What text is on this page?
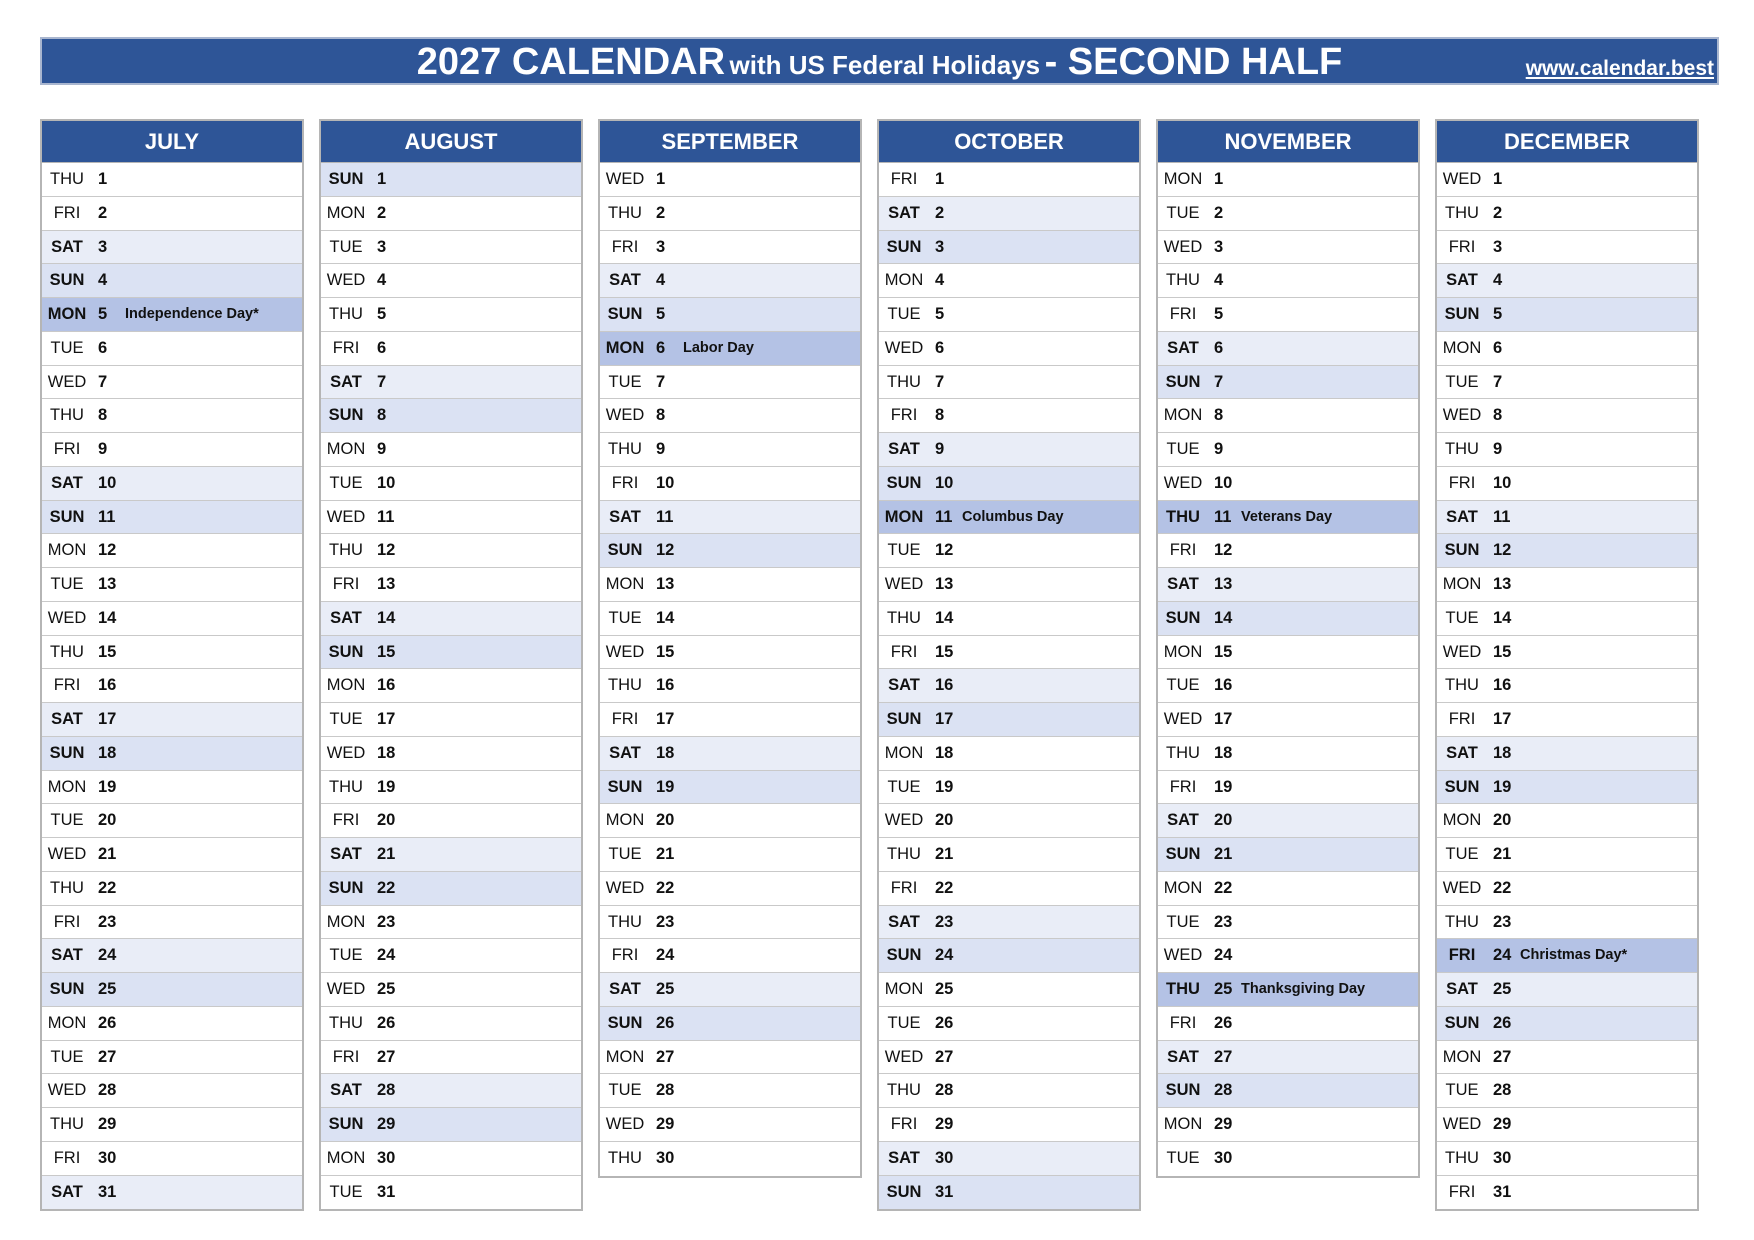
2027 CALENDAR with US Federal Holidays - SECOND HALF	www.calendar.best
JULY
THU 1
FRI	2
SAT 3
SUN 4
MON 5 Independence Day*
TUE 6
WED 7
THU 8
FRI	9
SAT 10
SUN 11
MON 12
TUE 13
WED 14
THU 15
FRI	16
SAT 17
SUN 18
MON 19
TUE 20
WED 21
THU 22
FRI	23
SAT 24
SUN 25
MON 26
TUE 27
WED 28
THU 29
FRI	30
SAT 31
AUGUST
SUN 1
MON 2
TUE 3
WED 4
THU 5
FRI	6
SAT 7
SUN 8
MON 9
TUE 10
WED 11
THU 12
FRI	13
SAT 14
SUN 15
MON 16
TUE 17
WED 18
THU 19
FRI	20
SAT 21
SUN 22
MON 23
TUE 24
WED 25
THU 26
FRI	27
SAT 28
SUN 29
MON 30
TUE 31
SEPTEMBER
WED 1
THU 2
FRI	3
SAT 4
SUN 5
MON 6 Labor Day
TUE 7
WED 8
THU 9
FRI	10
SAT 11
SUN 12
MON 13
TUE 14
WED 15
THU 16
FRI	17
SAT 18
SUN 19
MON 20
TUE 21
WED 22
THU 23
FRI	24
SAT 25
SUN 26
MON 27
TUE 28
WED 29
THU 30
OCTOBER
FRI	1
SAT 2
SUN 3
MON 4
TUE 5
WED 6
THU 7
FRI	8
SAT 9
SUN 10
MON 11 Columbus Day
TUE 12
WED 13
THU 14
FRI	15
SAT 16
SUN 17
MON 18
TUE 19
WED 20
THU 21
FRI	22
SAT 23
SUN 24
MON 25
TUE 26
WED 27
THU 28
FRI	29
SAT 30
SUN 31
NOVEMBER
MON 1
TUE 2
WED 3
THU 4
FRI	5
SAT 6
SUN 7
MON 8
TUE 9
WED 10
THU 11 Veterans Day
FRI	12
SAT 13
SUN 14
MON 15
TUE 16
WED 17
THU 18
FRI	19
SAT 20
SUN 21
MON 22
TUE 23
WED 24
THU 25 Thanksgiving Day
FRI	26
SAT 27
SUN 28
MON 29
TUE 30
DECEMBER
WED 1
THU 2
FRI	3
SAT 4
SUN 5
MON 6
TUE 7
WED 8
THU 9
FRI	10
SAT 11
SUN 12
MON 13
TUE 14
WED 15
THU 16
FRI	17
SAT 18
SUN 19
MON 20
TUE 21
WED 22
THU 23
FRI	24 Christmas Day*
SAT 25
SUN 26
MON 27
TUE 28
WED 29
THU 30
FRI	31
